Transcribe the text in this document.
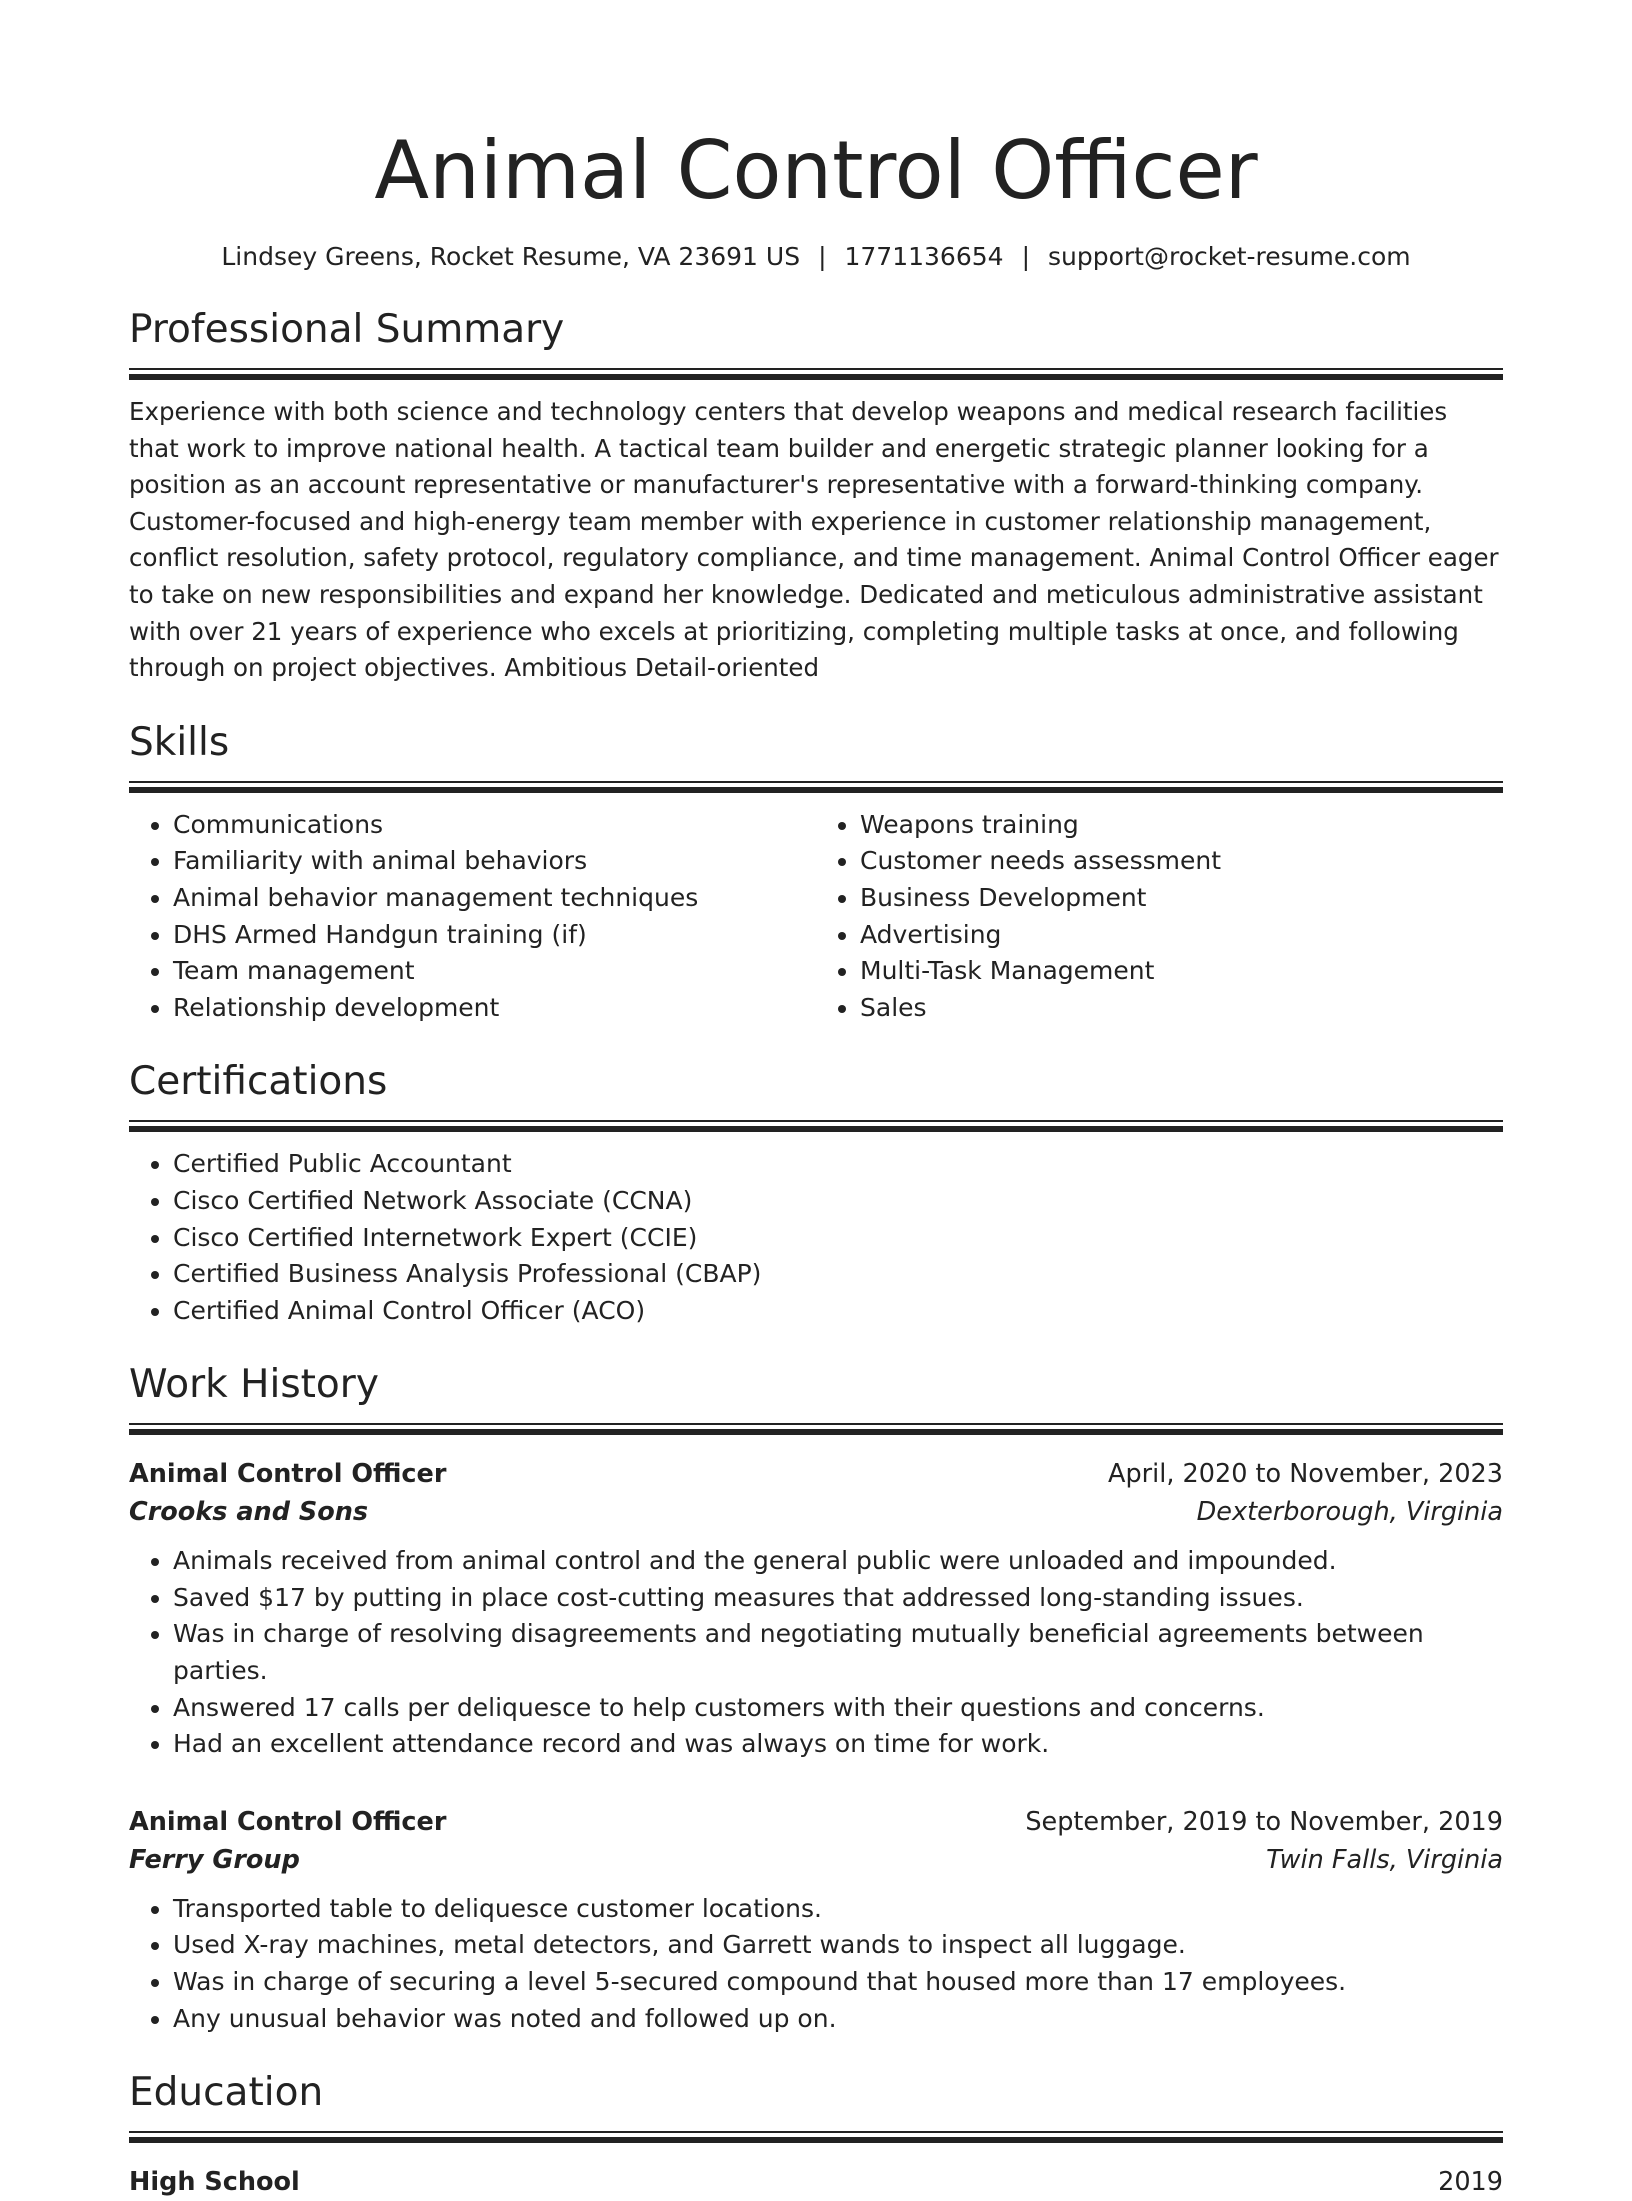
Animal Control Officer
Lindsey Greens, Rocket Resume, VA 23691 US | 1771136654 | support@rocket-resume.com
Professional Summary

Experience with both science and technology centers that develop weapons and medical research facilities that work to improve national health. A tactical team builder and energetic strategic planner looking for a position as an account representative or manufacturer's representative with a forward-thinking company. Customer-focused and high-energy team member with experience in customer relationship management, conflict resolution, safety protocol, regulatory compliance, and time management. Animal Control Officer eager to take on new responsibilities and expand her knowledge. Dedicated and meticulous administrative assistant with over 21 years of experience who excels at prioritizing, completing multiple tasks at once, and following through on project objectives. Ambitious Detail-oriented

Skills
• Communications
• Familiarity with animal behaviors
• Animal behavior management techniques
• DHS Armed Handgun training (if)
• Team management
• Relationship development
• Weapons training
• Customer needs assessment
• Business Development
• Advertising
• Multi-Task Management
• Sales
Certifications
• Certified Public Accountant
• Cisco Certified Network Associate (CCNA)
• Cisco Certified Internetwork Expert (CCIE)
• Certified Business Analysis Professional (CBAP)
• Certified Animal Control Officer (ACO)
Work History
Animal Control Officer	April, 2020 to November, 2023
Crooks and Sons	Dexterborough, Virginia
• Animals received from animal control and the general public were unloaded and impounded.
• Saved $17 by putting in place cost-cutting measures that addressed long-standing issues.
• Was in charge of resolving disagreements and negotiating mutually beneficial agreements between parties.
• Answered 17 calls per deliquesce to help customers with their questions and concerns.
• Had an excellent attendance record and was always on time for work.
Animal Control Officer	September, 2019 to November, 2019
Ferry Group	Twin Falls, Virginia
• Transported table to deliquesce customer locations.
• Used X-ray machines, metal detectors, and Garrett wands to inspect all luggage.
• Was in charge of securing a level 5-secured compound that housed more than 17 employees.
• Any unusual behavior was noted and followed up on.
Education
High School	2019
